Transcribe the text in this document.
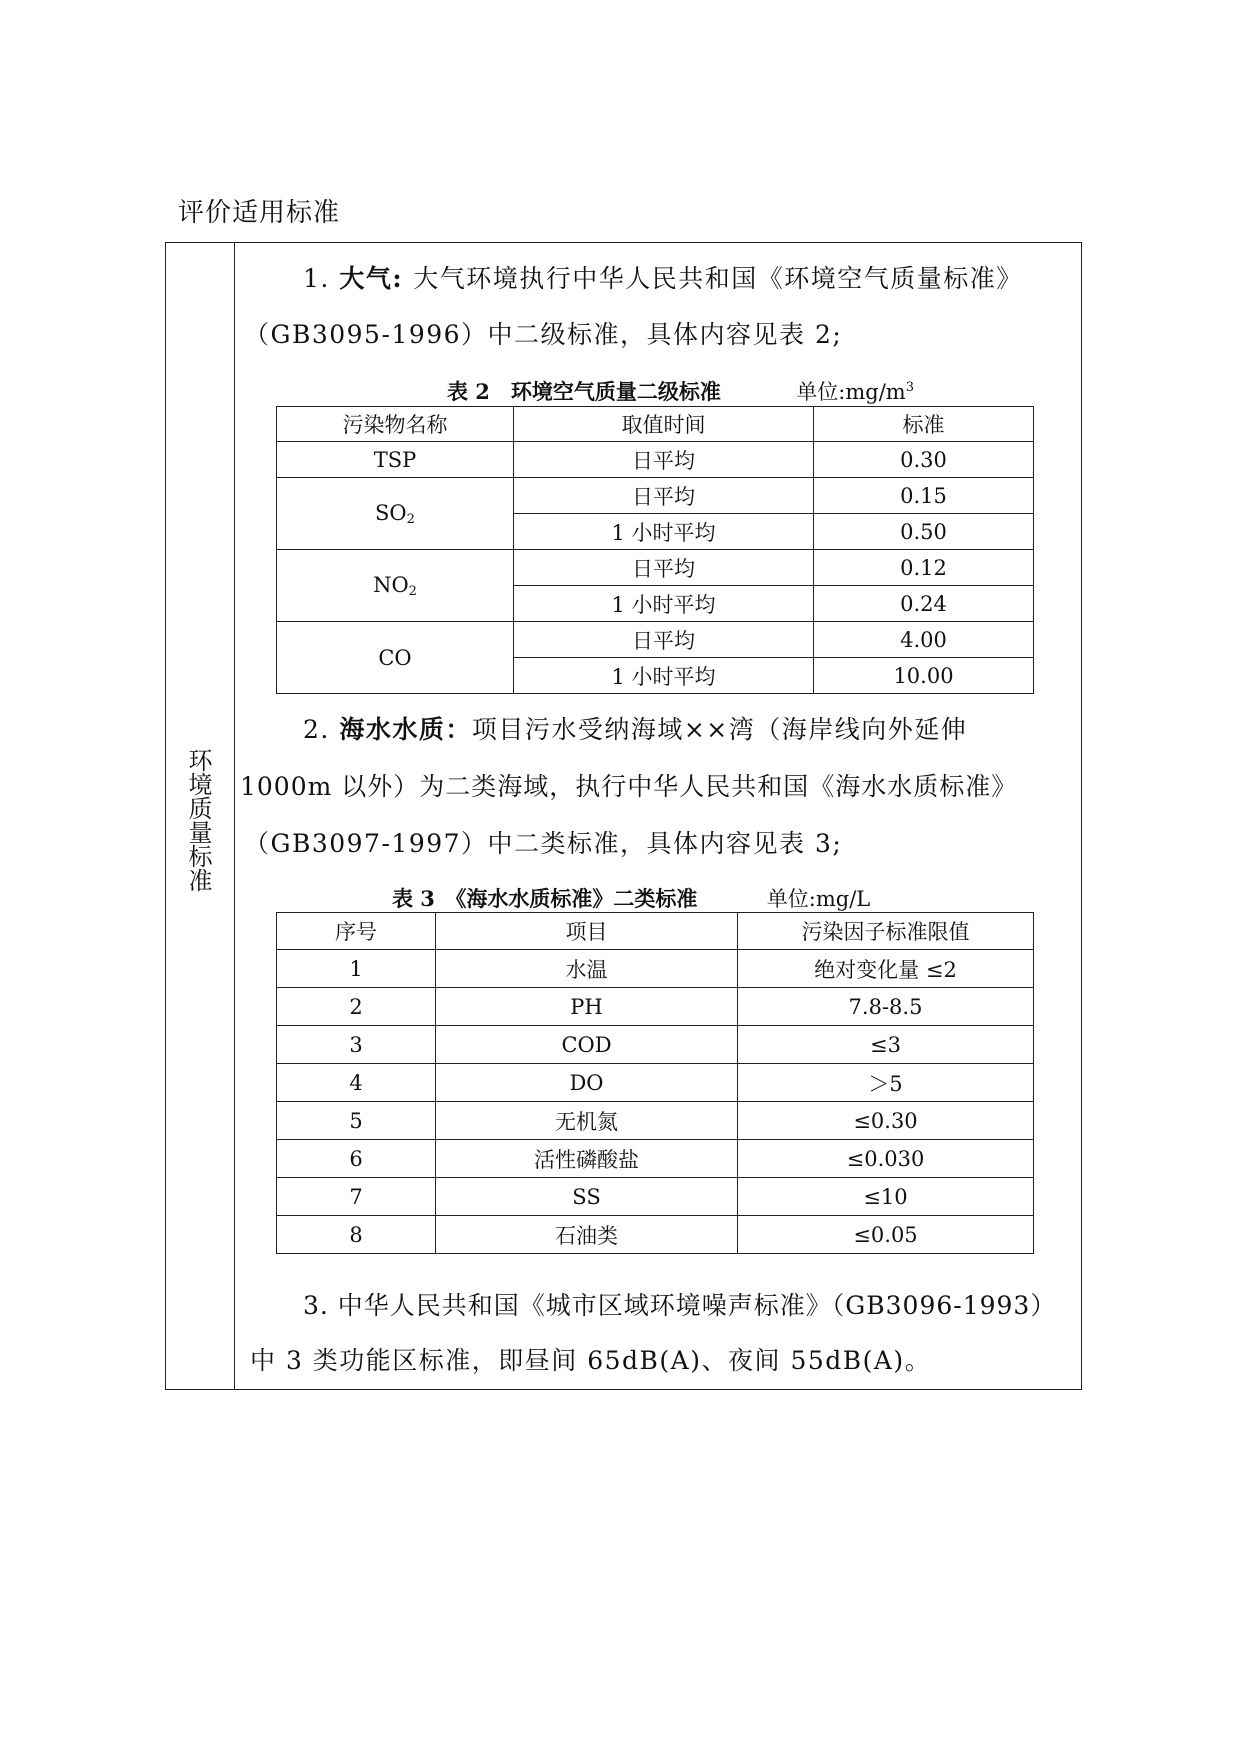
评价适用标准
环境质量标准
1. 大气: 大气环境执行中华人民共和国《环境空气质量标准》
（GB3095-1996）中二级标准，具体内容见表 2;
表 2　环境空气质量二级标准	单位$:mg/m^3$
污染物名称	取值时间	标准
TSP	日平均	0.30
$SO_2$	日平均	0.15
	1 小时平均	0.50
$NO_2$	日平均	0.12
	1 小时平均	0.24
CO	日平均	4.00
	1 小时平均	10.00
2. 海水水质：项目污水受纳海域××湾（海岸线向外延伸
1000m 以外）为二类海域，执行中华人民共和国《海水水质标准》
（GB3097-1997）中二类标准，具体内容见表 3;
表 3　《海水水质标准》二类标准	单位:mg/L
序号	项目	污染因子标准限值
1	水温	绝对变化量 ≤2
2	PH	7.8-8.5
3	COD	≤3
4	DO	＞5
5	无机氮	≤0.30
6	活性磷酸盐	≤0.030
7	SS	≤10
8	石油类	≤0.05
3. 中华人民共和国《城市区域环境噪声标准》（GB3096-1993）
中 3 类功能区标准，即昼间 65dB(A)、夜间 55dB(A)。
